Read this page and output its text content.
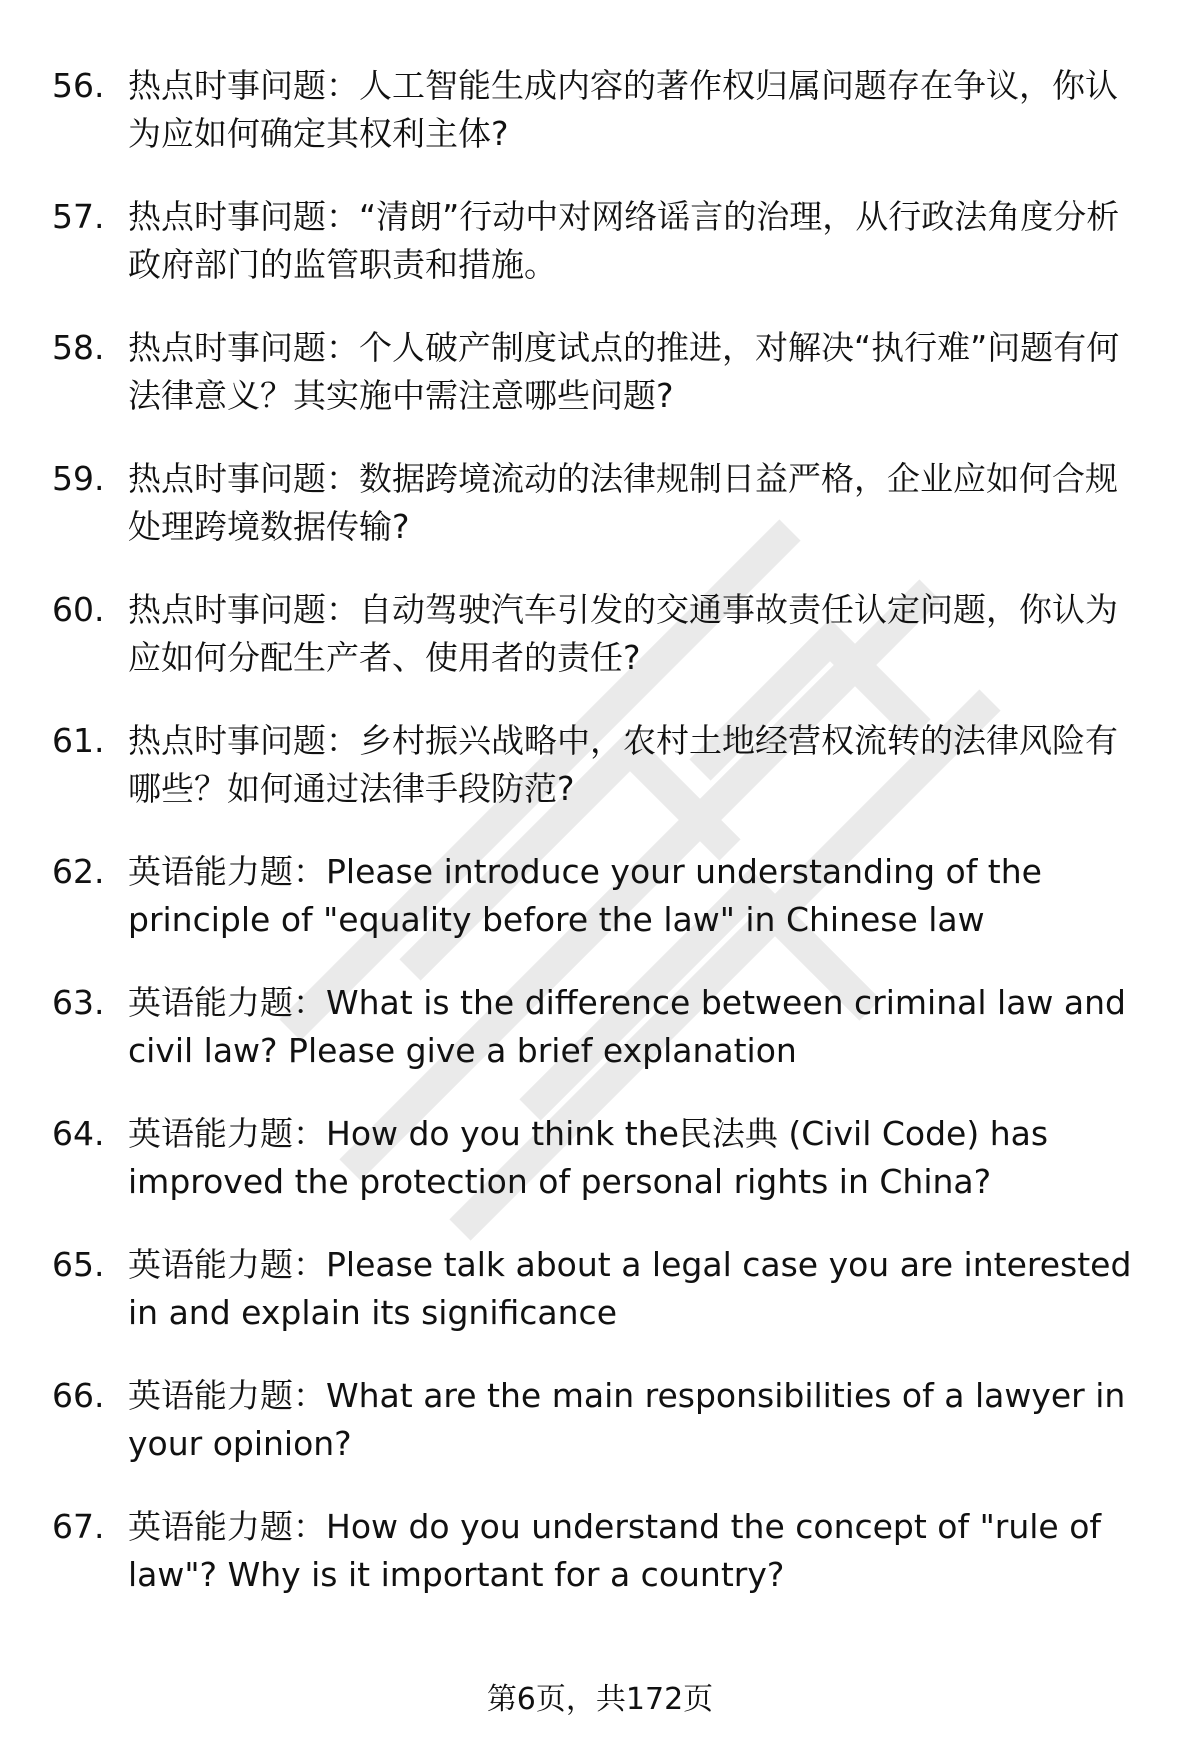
56. 热点时事问题：人工智能生成内容的著作权归属问题存在争议，你认为应如何确定其权利主体?
57. 热点时事问题：“清朗”行动中对网络谣言的治理，从行政法角度分析政府部门的监管职责和措施。
58. 热点时事问题：个人破产制度试点的推进，对解决“执行难”问题有何法律意义？其实施中需注意哪些问题?
59. 热点时事问题：数据跨境流动的法律规制日益严格，企业应如何合规处理跨境数据传输?
60. 热点时事问题：自动驾驶汽车引发的交通事故责任认定问题，你认为应如何分配生产者、使用者的责任?
61. 热点时事问题：乡村振兴战略中，农村土地经营权流转的法律风险有哪些？如何通过法律手段防范?
62. 英语能力题：Please introduce your understanding of the principle of "equality before the law" in Chinese law
63. 英语能力题：What is the difference between criminal law and civil law? Please give a brief explanation
64. 英语能力题：How do you think the民法典 (Civil Code) has improved the protection of personal rights in China?
65. 英语能力题：Please talk about a legal case you are interested in and explain its significance
66. 英语能力题：What are the main responsibilities of a lawyer in your opinion?
67. 英语能力题：How do you understand the concept of "rule of law"? Why is it important for a country?
第6页，共172页
